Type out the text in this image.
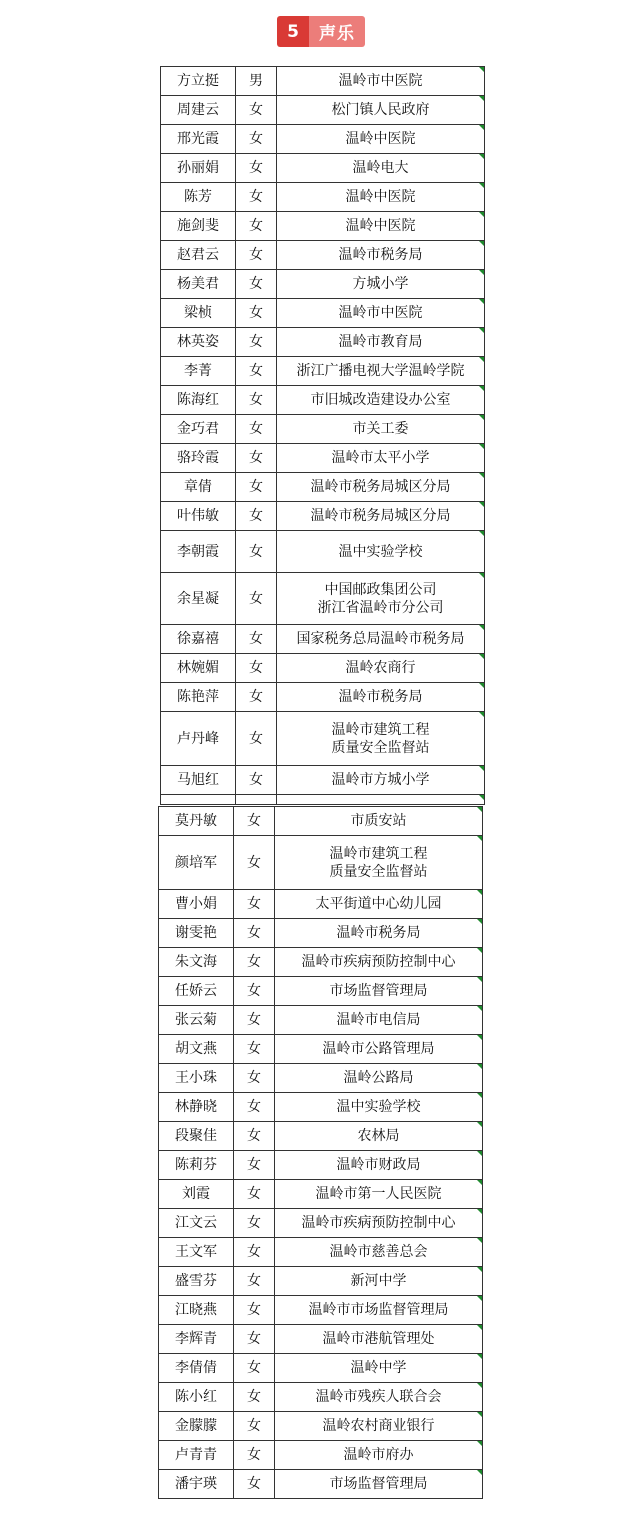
5	声乐
方立挺	男	温岭市中医院
周建云	女	松门镇人民政府
邢光霞	女	温岭中医院
孙丽娟	女	温岭电大
陈芳	女	温岭中医院
施剑斐	女	温岭中医院
赵君云	女	温岭市税务局
杨美君	女	方城小学
梁桢	女	温岭市中医院
林英姿	女	温岭市教育局
李菁	女	浙江广播电视大学温岭学院
陈海红	女	市旧城改造建设办公室
金巧君	女	市关工委
骆玲霞	女	温岭市太平小学
章倩	女	温岭市税务局城区分局
叶伟敏	女	温岭市税务局城区分局
李朝霞	女	温中实验学校
余星凝	女	中国邮政集团公司
浙江省温岭市分公司
徐嘉禧	女	国家税务总局温岭市税务局
林婉媚	女	温岭农商行
陈艳萍	女	温岭市税务局
卢丹峰	女	温岭市建筑工程
质量安全监督站
马旭红	女	温岭市方城小学

莫丹敏	女	市质安站
颜培军	女	温岭市建筑工程
质量安全监督站
曹小娟	女	太平街道中心幼儿园
谢雯艳	女	温岭市税务局
朱文海	女	温岭市疾病预防控制中心
任娇云	女	市场监督管理局
张云菊	女	温岭市电信局
胡文燕	女	温岭市公路管理局
王小珠	女	温岭公路局
林静晓	女	温中实验学校
段聚佳	女	农林局
陈莉芬	女	温岭市财政局
刘霞	女	温岭市第一人民医院
江文云	女	温岭市疾病预防控制中心
王文军	女	温岭市慈善总会
盛雪芬	女	新河中学
江晓燕	女	温岭市市场监督管理局
李辉青	女	温岭市港航管理处
李倩倩	女	温岭中学
陈小红	女	温岭市残疾人联合会
金朦朦	女	温岭农村商业银行
卢青青	女	温岭市府办
潘宇瑛	女	市场监督管理局
